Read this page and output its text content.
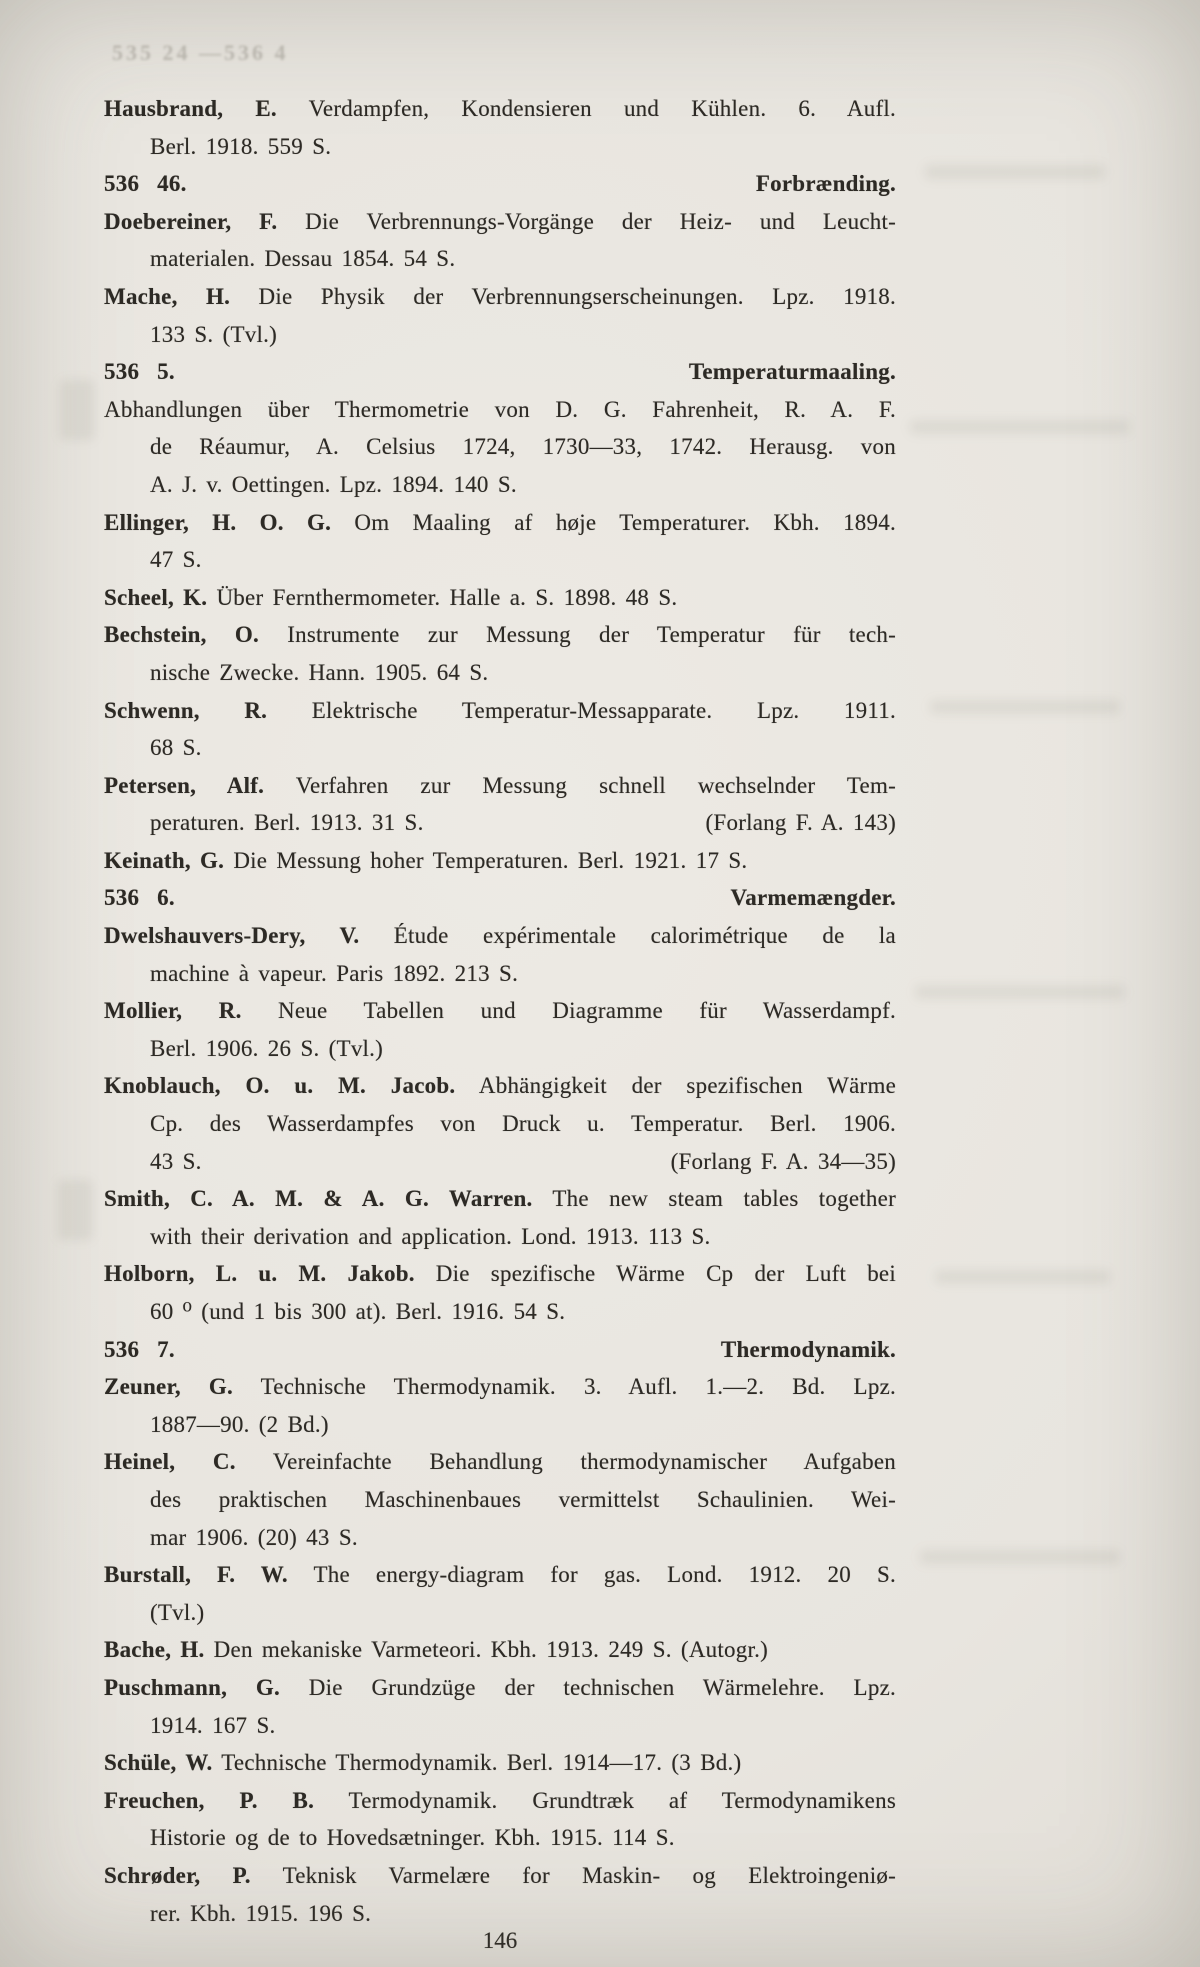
535 24 —536 4
Hausbrand, E. Verdampfen, Kondensieren und Kühlen. 6. Aufl.
Berl. 1918. 559 S.
536 46.	Forbrænding.
Doebereiner, F. Die Verbrennungs-Vorgänge der Heiz- und Leucht-
materialen. Dessau 1854. 54 S.
Mache, H. Die Physik der Verbrennungserscheinungen. Lpz. 1918.
133 S. (Tvl.)
536 5.	Temperaturmaaling.
Abhandlungen über Thermometrie von D. G. Fahrenheit, R. A. F.
de Réaumur, A. Celsius 1724, 1730—33, 1742. Herausg. von
A. J. v. Oettingen. Lpz. 1894. 140 S.
Ellinger, H. O. G. Om Maaling af høje Temperaturer. Kbh. 1894.
47 S.
Scheel, K. Über Fernthermometer. Halle a. S. 1898. 48 S.
Bechstein, O. Instrumente zur Messung der Temperatur für tech-
nische Zwecke. Hann. 1905. 64 S.
Schwenn, R. Elektrische Temperatur-Messapparate. Lpz. 1911.
68 S.
Petersen, Alf. Verfahren zur Messung schnell wechselnder Tem-
peraturen. Berl. 1913. 31 S.	(Forlang F. A. 143)
Keinath, G. Die Messung hoher Temperaturen. Berl. 1921. 17 S.
536 6.	Varmemængder.
Dwelshauvers-Dery, V. Étude expérimentale calorimétrique de la
machine à vapeur. Paris 1892. 213 S.
Mollier, R. Neue Tabellen und Diagramme für Wasserdampf.
Berl. 1906. 26 S. (Tvl.)
Knoblauch, O. u. M. Jacob. Abhängigkeit der spezifischen Wärme
Cp. des Wasserdampfes von Druck u. Temperatur. Berl. 1906.
43 S.	(Forlang F. A. 34—35)
Smith, C. A. M. & A. G. Warren. The new steam tables together
with their derivation and application. Lond. 1913. 113 S.
Holborn, L. u. M. Jakob. Die spezifische Wärme Cp der Luft bei
60 ⁰ (und 1 bis 300 at). Berl. 1916. 54 S.
536 7.	Thermodynamik.
Zeuner, G. Technische Thermodynamik. 3. Aufl. 1.—2. Bd. Lpz.
1887—90. (2 Bd.)
Heinel, C. Vereinfachte Behandlung thermodynamischer Aufgaben
des praktischen Maschinenbaues vermittelst Schaulinien. Wei-
mar 1906. (20) 43 S.
Burstall, F. W. The energy-diagram for gas. Lond. 1912. 20 S.
(Tvl.)
Bache, H. Den mekaniske Varmeteori. Kbh. 1913. 249 S. (Autogr.)
Puschmann, G. Die Grundzüge der technischen Wärmelehre. Lpz.
1914. 167 S.
Schüle, W. Technische Thermodynamik. Berl. 1914—17. (3 Bd.)
Freuchen, P. B. Termodynamik. Grundtræk af Termodynamikens
Historie og de to Hovedsætninger. Kbh. 1915. 114 S.
Schrøder, P. Teknisk Varmelære for Maskin- og Elektroingeniø-
rer. Kbh. 1915. 196 S.
146
